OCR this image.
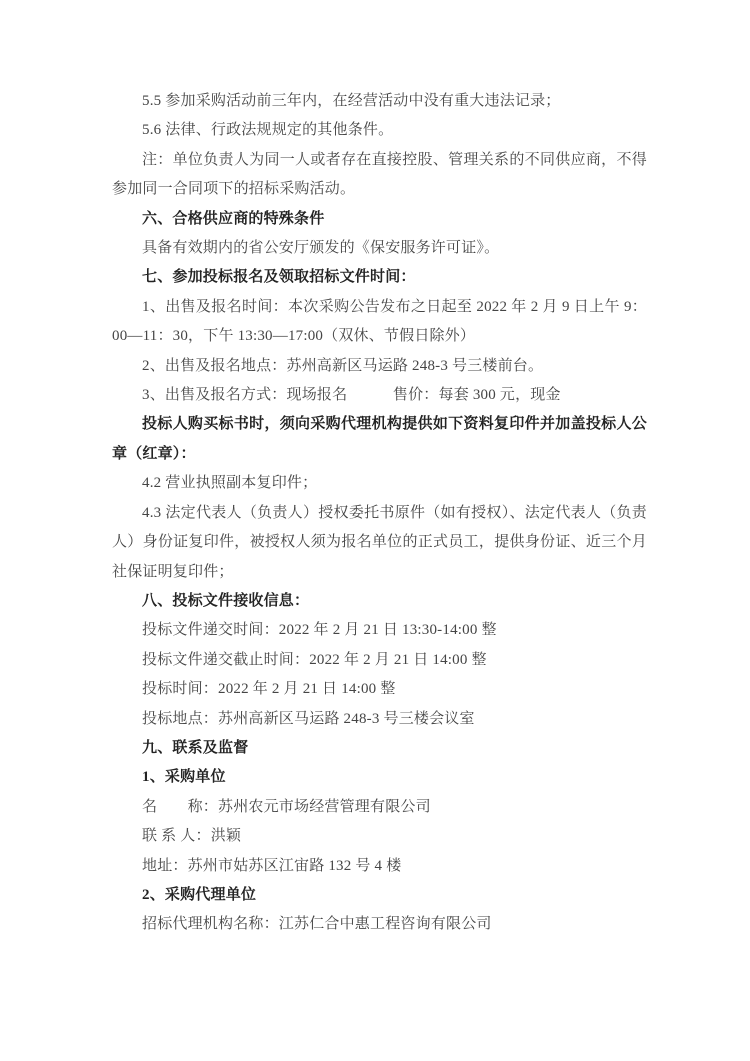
5.5 参加采购活动前三年内，在经营活动中没有重大违法记录；

5.6 法律、行政法规规定的其他条件。

注：单位负责人为同一人或者存在直接控股、管理关系的不同供应商，不得参加同一合同项下的招标采购活动。

六、合格供应商的特殊条件

具备有效期内的省公安厅颁发的《保安服务许可证》。

七、参加投标报名及领取招标文件时间：

1、出售及报名时间：本次采购公告发布之日起至 2022 年 2 月 9 日上午 9：00—11：30，下午 13:30—17:00（双休、节假日除外）

2、出售及报名地点：苏州高新区马运路 248-3 号三楼前台。

3、出售及报名方式：现场报名　　　售价：每套 300 元，现金

投标人购买标书时，须向采购代理机构提供如下资料复印件并加盖投标人公章（红章）：

4.2 营业执照副本复印件；

4.3 法定代表人（负责人）授权委托书原件（如有授权）、法定代表人（负责人）身份证复印件，被授权人须为报名单位的正式员工，提供身份证、近三个月社保证明复印件；

八、投标文件接收信息：

投标文件递交时间：2022 年 2 月 21 日 13:30-14:00 整

投标文件递交截止时间：2022 年 2 月 21 日 14:00 整

投标时间：2022 年 2 月 21 日 14:00 整

投标地点：苏州高新区马运路 248-3 号三楼会议室

九、联系及监督

1、采购单位

名　　称：苏州农元市场经营管理有限公司

联 系 人：洪颖

地址：苏州市姑苏区江宙路 132 号 4 楼

2、采购代理单位

招标代理机构名称：江苏仁合中惠工程咨询有限公司
